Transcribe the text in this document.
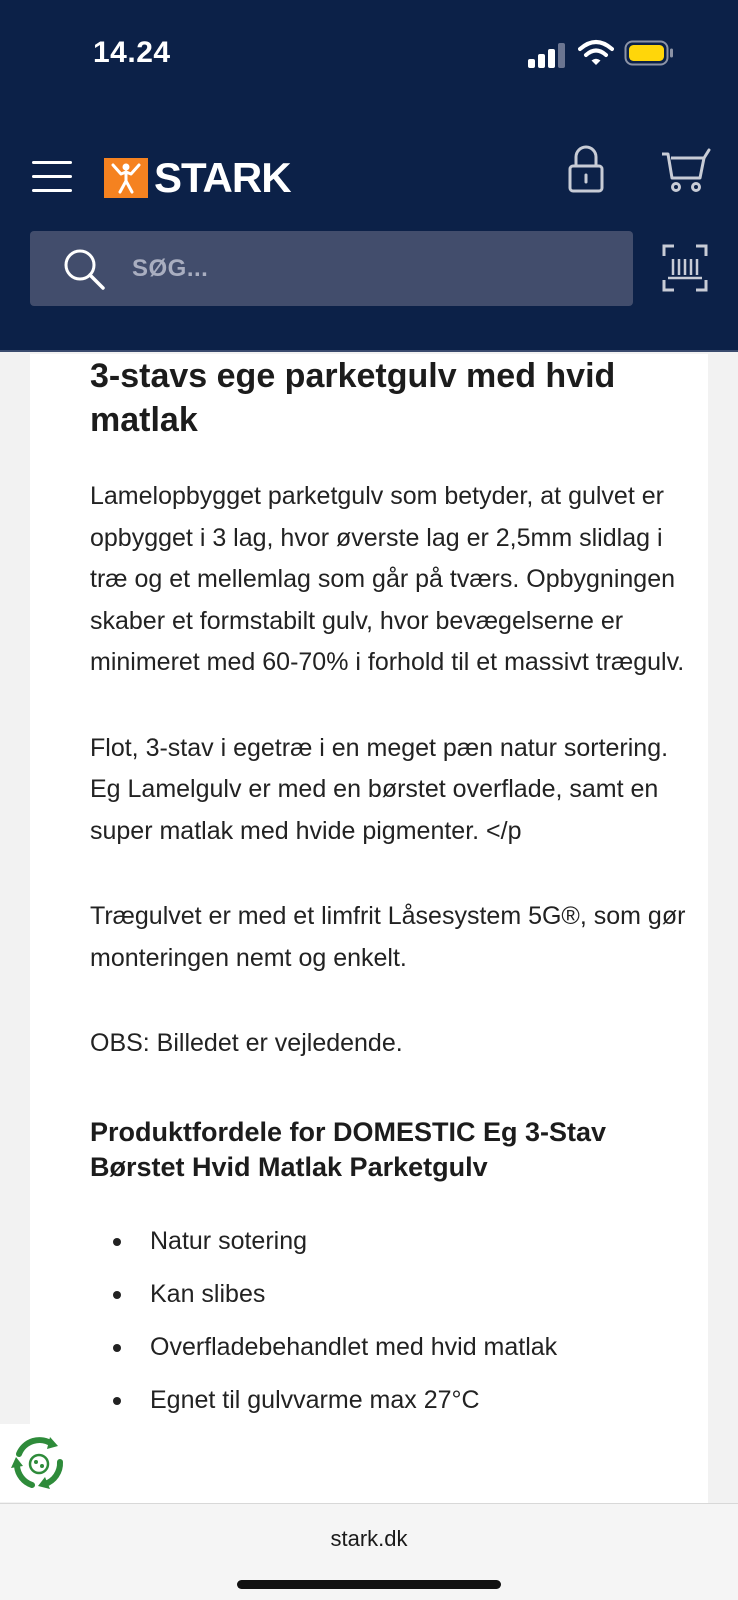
14.24
STARK
SØG...
3-stavs ege parketgulv med hvid matlak

Lamelopbygget parketgulv som betyder, at gulvet er opbygget i 3 lag, hvor øverste lag er 2,5mm slidlag i træ og et mellemlag som går på tværs. Opbygningen skaber et formstabilt gulv, hvor bevægelserne er minimeret med 60-70% i forhold til et massivt trægulv.

Flot, 3-stav i egetræ i en meget pæn natur sortering. Eg Lamelgulv er med en børstet overflade, samt en super matlak med hvide pigmenter. </p

Trægulvet er med et limfrit Låsesystem 5G®, som gør monteringen nemt og enkelt.

OBS: Billedet er vejledende.

Produktfordele for DOMESTIC Eg 3-Stav Børstet Hvid Matlak Parketgulv
Natur sotering
Kan slibes
Overfladebehandlet med hvid matlak
Egnet til gulvvarme max 27°C
stark.dk
